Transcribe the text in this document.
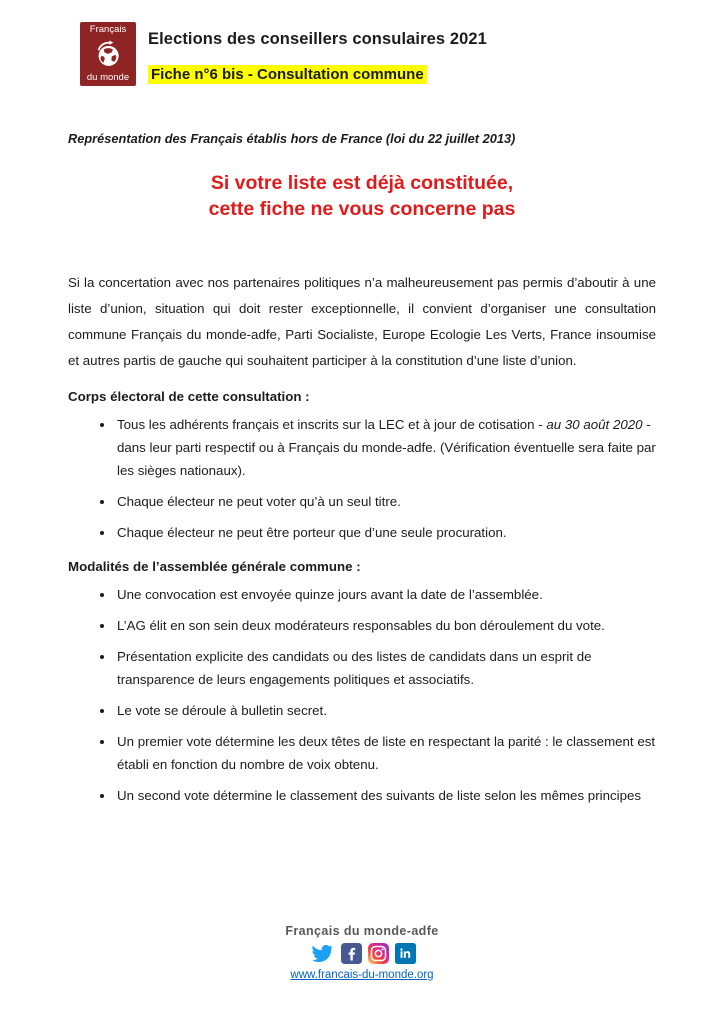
Français
du monde
Elections des conseillers consulaires 2021
Fiche n°6 bis - Consultation commune
Représentation des Français établis hors de France (loi du 22 juillet 2013)
Si votre liste est déjà constituée,
cette fiche ne vous concerne pas

Si la concertation avec nos partenaires politiques n’a malheureusement pas permis d’aboutir à une liste d’union, situation qui doit rester exceptionnelle, il convient d’organiser une consultation commune Français du monde-adfe, Parti Socialiste, Europe Ecologie Les Verts, France insoumise et autres partis de gauche qui souhaitent participer à la constitution d’une liste d’union.

Corps électoral de cette consultation :
• Tous les adhérents français et inscrits sur la LEC et à jour de cotisation - au 30 août 2020 - dans leur parti respectif ou à Français du monde-adfe. (Vérification éventuelle sera faite par les sièges nationaux).
• Chaque électeur ne peut voter qu’à un seul titre.
• Chaque électeur ne peut être porteur que d’une seule procuration.
Modalités de l’assemblée générale commune :
• Une convocation est envoyée quinze jours avant la date de l’assemblée.
• L’AG élit en son sein deux modérateurs responsables du bon déroulement du vote.
• Présentation explicite des candidats ou des listes de candidats dans un esprit de transparence de leurs engagements politiques et associatifs.
• Le vote se déroule à bulletin secret.
• Un premier vote détermine les deux têtes de liste en respectant la parité : le classement est établi en fonction du nombre de voix obtenu.
• Un second vote détermine le classement des suivants de liste selon les mêmes principes
Français du monde-adfe
www.francais-du-monde.org
